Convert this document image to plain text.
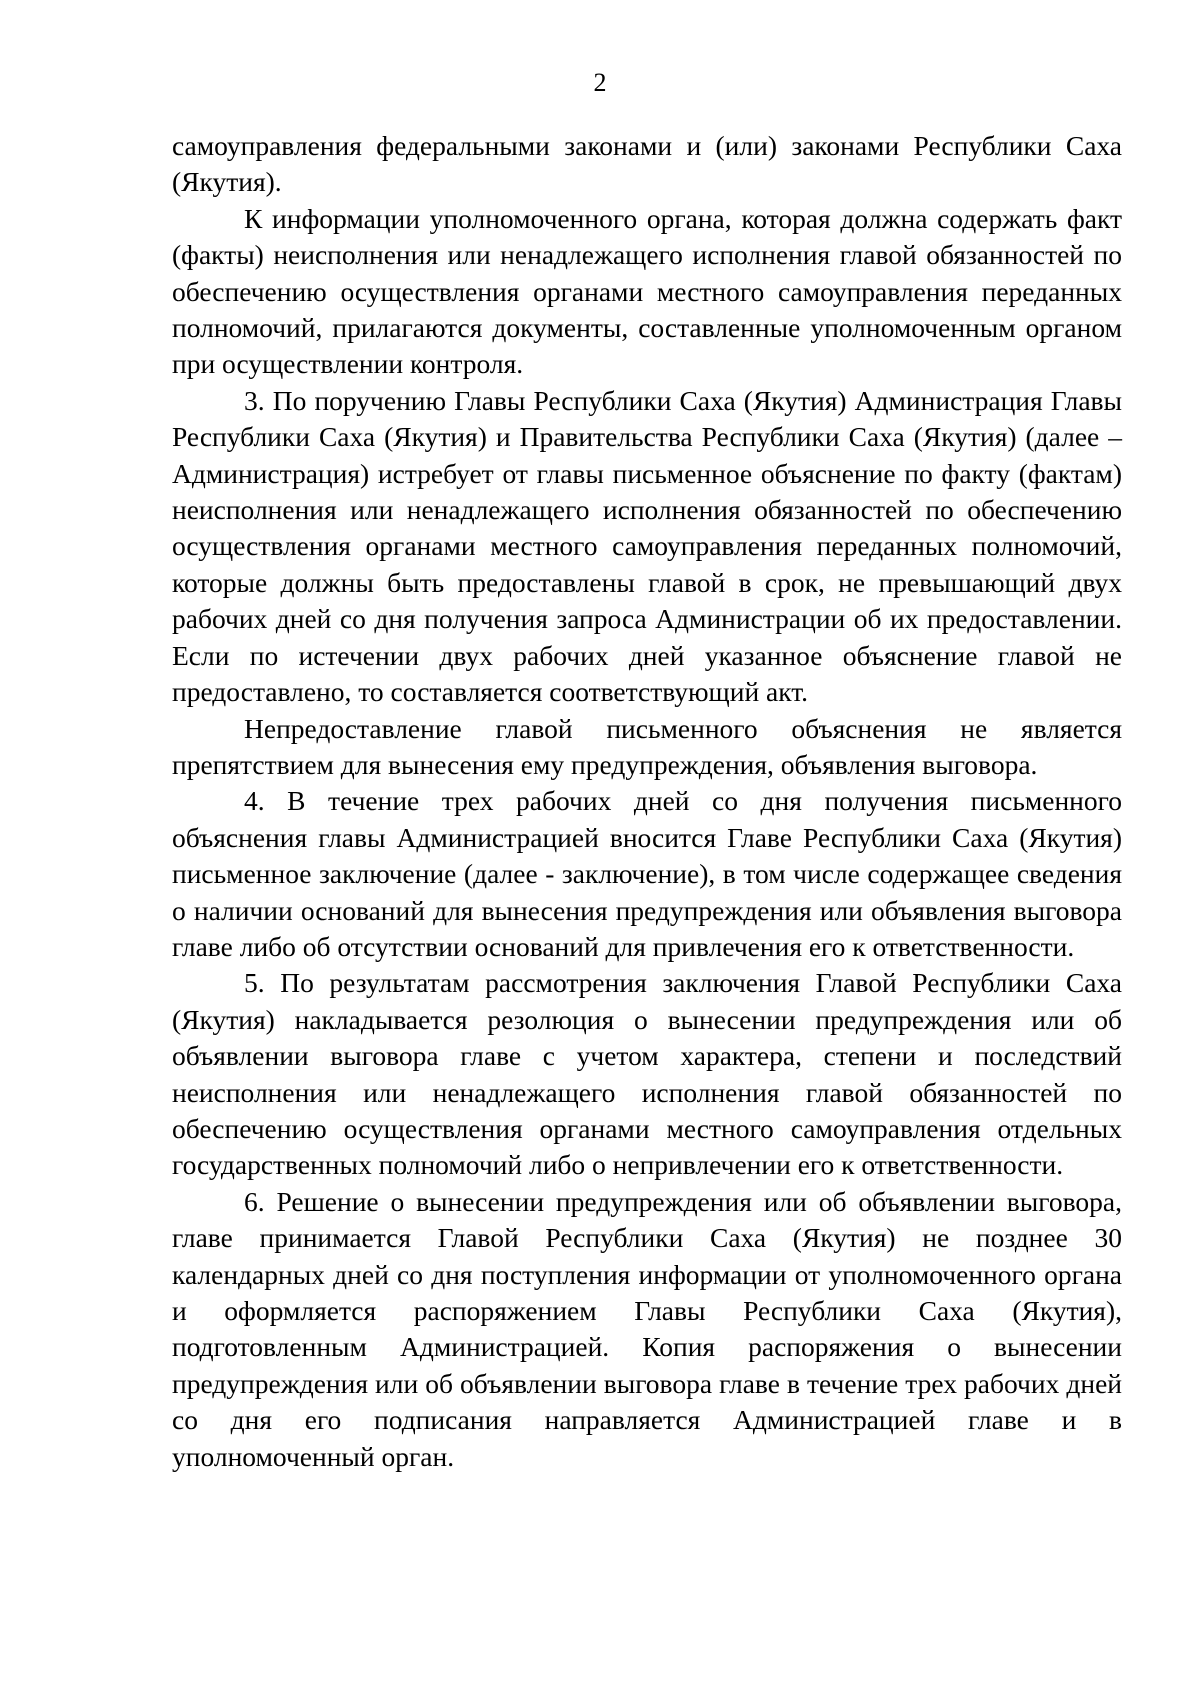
2

самоуправления федеральными законами и (или) законами Республики Саха (Якутия).

К информации уполномоченного органа, которая должна содержать факт (факты) неисполнения или ненадлежащего исполнения главой обязанностей по обеспечению осуществления органами местного самоуправления переданных полномочий, прилагаются документы, составленные уполномоченным органом при осуществлении контроля.

3. По поручению Главы Республики Саха (Якутия) Администрация Главы Республики Саха (Якутия) и Правительства Республики Саха (Якутия) (далее – Администрация) истребует от главы письменное объяснение по факту (фактам) неисполнения или ненадлежащего исполнения обязанностей по обеспечению осуществления органами местного самоуправления переданных полномочий, которые должны быть предоставлены главой в срок, не превышающий двух рабочих дней со дня получения запроса Администрации об их предоставлении. Если по истечении двух рабочих дней указанное объяснение главой не предоставлено, то составляется соответствующий акт.

Непредоставление главой письменного объяснения не является препятствием для вынесения ему предупреждения, объявления выговора.

4. В течение трех рабочих дней со дня получения письменного объяснения главы Администрацией вносится Главе Республики Саха (Якутия) письменное заключение (далее - заключение), в том числе содержащее сведения о наличии оснований для вынесения предупреждения или объявления выговора главе либо об отсутствии оснований для привлечения его к ответственности.

5. По результатам рассмотрения заключения Главой Республики Саха (Якутия) накладывается резолюция о вынесении предупреждения или об объявлении выговора главе с учетом характера, степени и последствий неисполнения или ненадлежащего исполнения главой обязанностей по обеспечению осуществления органами местного самоуправления отдельных государственных полномочий либо о непривлечении его к ответственности.

6. Решение о вынесении предупреждения или об объявлении выговора, главе принимается Главой Республики Саха (Якутия) не позднее 30 календарных дней со дня поступления информации от уполномоченного органа и оформляется распоряжением Главы Республики Саха (Якутия), подготовленным Администрацией. Копия распоряжения о вынесении предупреждения или об объявлении выговора главе в течение трех рабочих дней со дня его подписания направляется Администрацией главе и в уполномоченный орган.
